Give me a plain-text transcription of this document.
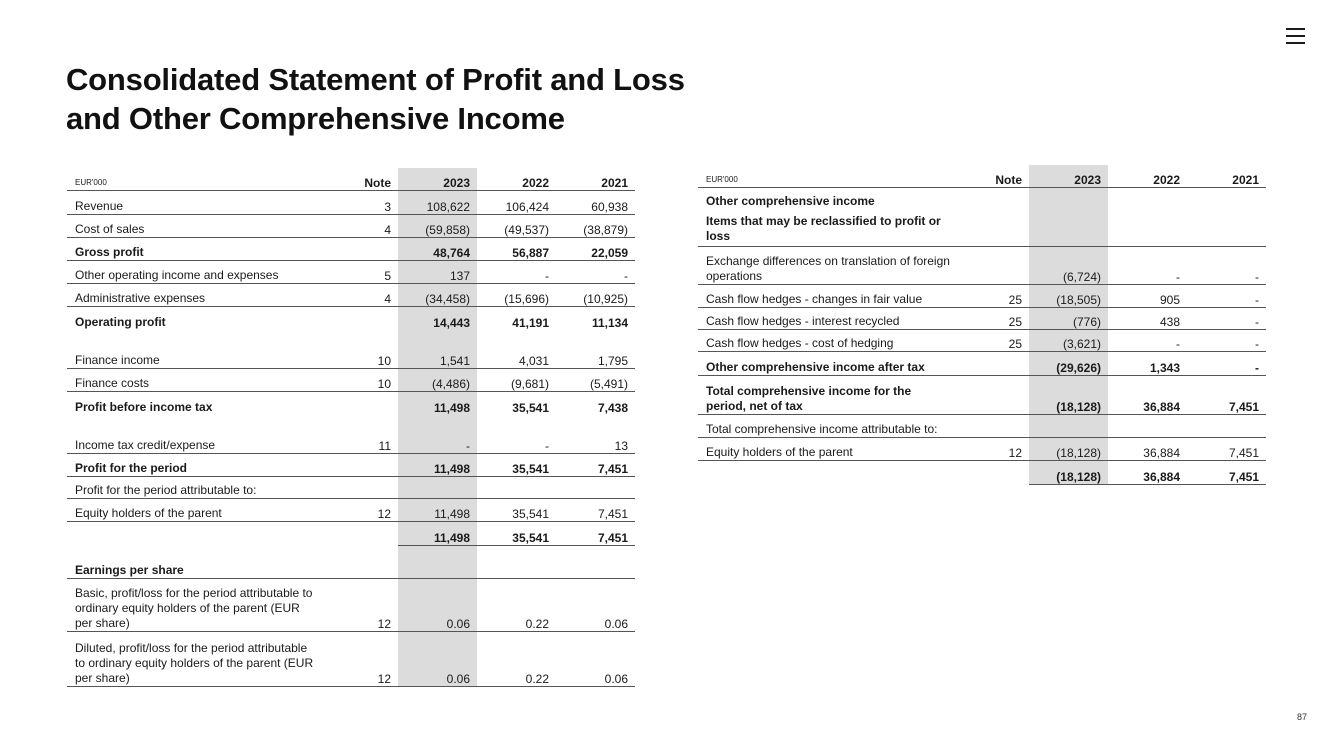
Consolidated Statement of Profit and Loss
and Other Comprehensive Income
EUR'000	Note	2023	2022	2021
Revenue	3	108,622	106,424	60,938
Cost of sales	4	(59,858)	(49,537)	(38,879)
Gross profit		48,764	56,887	22,059
Other operating income and expenses	5	137	-	-
Administrative expenses	4	(34,458)	(15,696)	(10,925)
Operating profit		14,443	41,191	11,134
Finance income	10	1,541	4,031	1,795
Finance costs	10	(4,486)	(9,681)	(5,491)
Profit before income tax		11,498	35,541	7,438
Income tax credit/expense	11	-	-	13
Profit for the period		11,498	35,541	7,451
Profit for the period attributable to:				
Equity holders of the parent	12	11,498	35,541	7,451
		11,498	35,541	7,451
Earnings per share				
Basic, profit/loss for the period attributable to ordinary equity holders of the parent (EUR per share)	12	0.06	0.22	0.06
Diluted, profit/loss for the period attributable to ordinary equity holders of the parent (EUR per share)	12	0.06	0.22	0.06
EUR'000	Note	2023	2022	2021
Other comprehensive income				
Items that may be reclassified to profit or loss				
Exchange differences on translation of foreign operations		(6,724)	-	-
Cash flow hedges - changes in fair value	25	(18,505)	905	-
Cash flow hedges - interest recycled	25	(776)	438	-
Cash flow hedges - cost of hedging	25	(3,621)	-	-
Other comprehensive income after tax		(29,626)	1,343	-
Total comprehensive income for the period, net of tax		(18,128)	36,884	7,451
Total comprehensive income attributable to:				
Equity holders of the parent	12	(18,128)	36,884	7,451
		(18,128)	36,884	7,451
87
